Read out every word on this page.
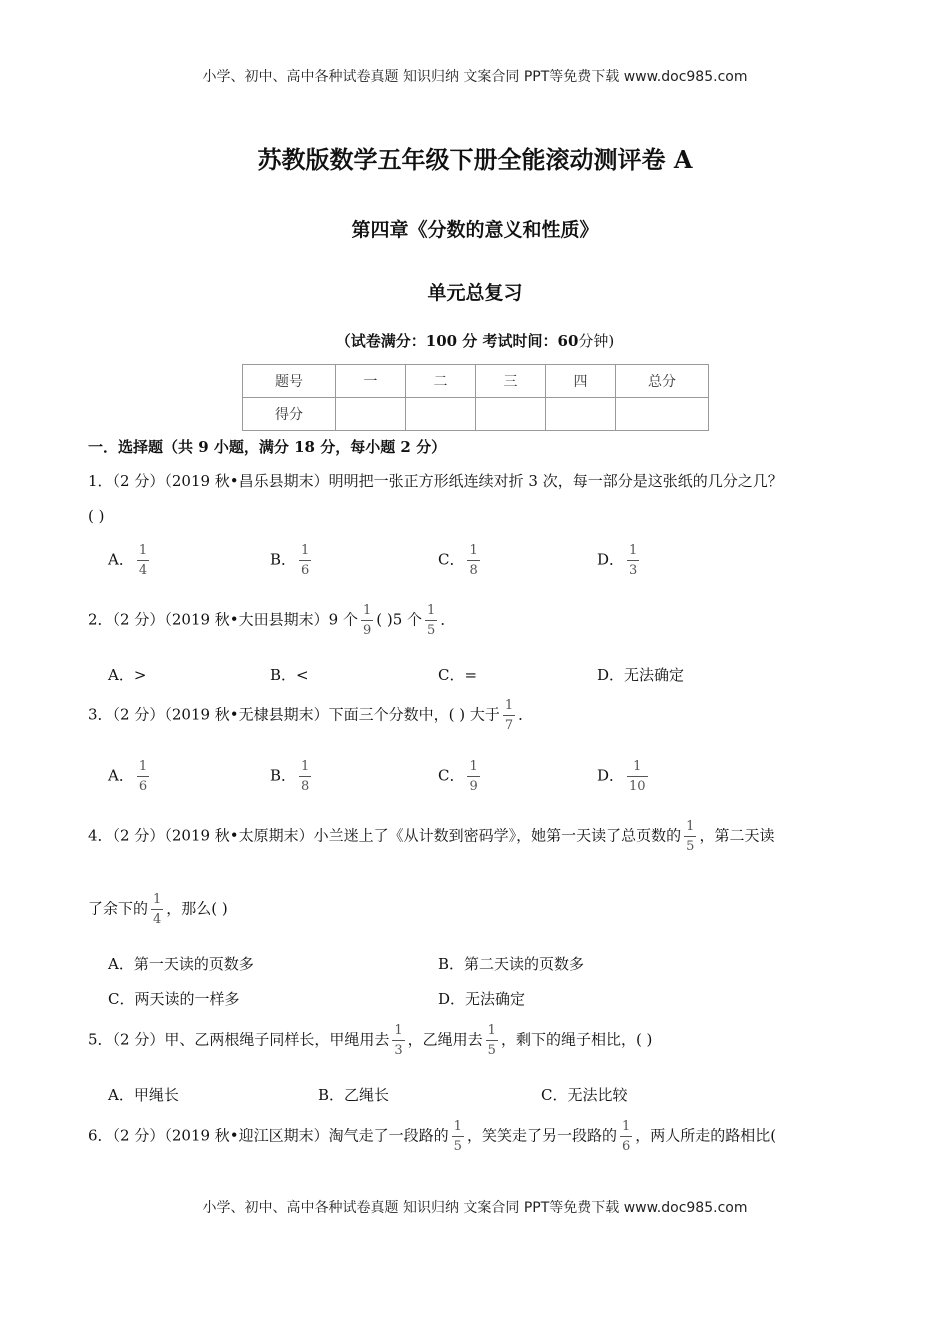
小学、初中、高中各种试卷真题 知识归纳 文案合同 PPT等免费下载 www.doc985.com
小学、初中、高中各种试卷真题 知识归纳 文案合同 PPT等免费下载 www.doc985.com
苏教版数学五年级下册全能滚动测评卷 A
第四章《分数的意义和性质》
单元总复习
（试卷满分：100 分 考试时间：60分钟)
题号	一	二	三	四	总分
得分					
一．选择题（共 9 小题，满分 18 分，每小题 2 分）
1．（2 分）（2019 秋•昌乐县期末）明明把一张正方形纸连续对折 3 次，每一部分是这张纸的几分之几？
( )
A． $\frac{1}{4}$	B． $\frac{1}{6}$	C． $\frac{1}{8}$	D． $\frac{1}{3}$
2．（2 分）（2019 秋•大田县期末）9 个 $\frac{1}{9}$ ( )5 个 $\frac{1}{5}$ ．
A．>	B．<	C．=	D．无法确定
3．（2 分）（2019 秋•无棣县期末）下面三个分数中，( ) 大于 $\frac{1}{7}$ ．
A． $\frac{1}{6}$	B． $\frac{1}{8}$	C． $\frac{1}{9}$	D． $\frac{1}{10}$
4．（2 分）（2019 秋•太原期末）小兰迷上了《从计数到密码学》，她第一天读了总页数的 $\frac{1}{5}$ ，第二天读
了余下的 $\frac{1}{4}$ ，那么( )
A．第一天读的页数多	B．第二天读的页数多
C．两天读的一样多	D．无法确定
5．（2 分）甲、乙两根绳子同样长，甲绳用去 $\frac{1}{3}$ ，乙绳用去 $\frac{1}{5}$ ，剩下的绳子相比，( )
A．甲绳长	B．乙绳长	C．无法比较
6．（2 分）（2019 秋•迎江区期末）淘气走了一段路的 $\frac{1}{5}$ ，笑笑走了另一段路的 $\frac{1}{6}$ ，两人所走的路相比(
